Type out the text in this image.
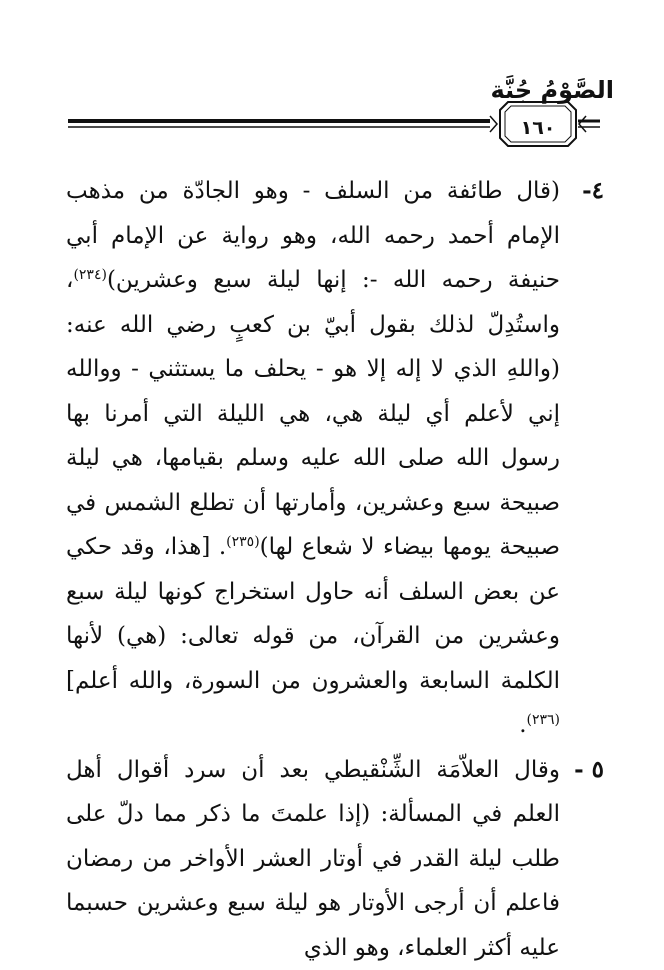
الصَّوْمُ جُنَّة
١٦٠
٤-
(قال طائفة من السلف - وهو الجادّة من مذهب الإمام أحمد رحمه الله، وهو رواية عن الإمام أبي حنيفة رحمه الله -: إنها ليلة سبع وعشرين)$^{(٢٣٤)}$، واستُدِلّ لذلك بقول أبيّ بن كعبٍ رضي الله عنه: (واللهِ الذي لا إله إلا هو - يحلف ما يستثني - ووالله إني لأعلم أي ليلة هي، هي الليلة التي أمرنا بها رسول الله صلى الله عليه وسلم بقيامها، هي ليلة صبيحة سبع وعشرين، وأمارتها أن تطلع الشمس في صبيحة يومها بيضاء لا شعاع لها)$^{(٢٣٥)}$. [هذا، وقد حكي عن بعض السلف أنه حاول استخراج كونها ليلة سبع وعشرين من القرآن، من قوله تعالى: (هي) لأنها الكلمة السابعة والعشرون من السورة، والله أعلم]$^{(٢٣٦)}$.
٥ -
وقال العلاّمَة الشِّنْقيطي بعد أن سرد أقوال أهل العلم في المسألة: (إذا علمتَ ما ذكر مما دلّ على طلب ليلة القدر في أوتار العشر الأواخر من رمضان فاعلم أن أرجى الأوتار هو ليلة سبع وعشرين حسبما عليه أكثر العلماء، وهو الذي
